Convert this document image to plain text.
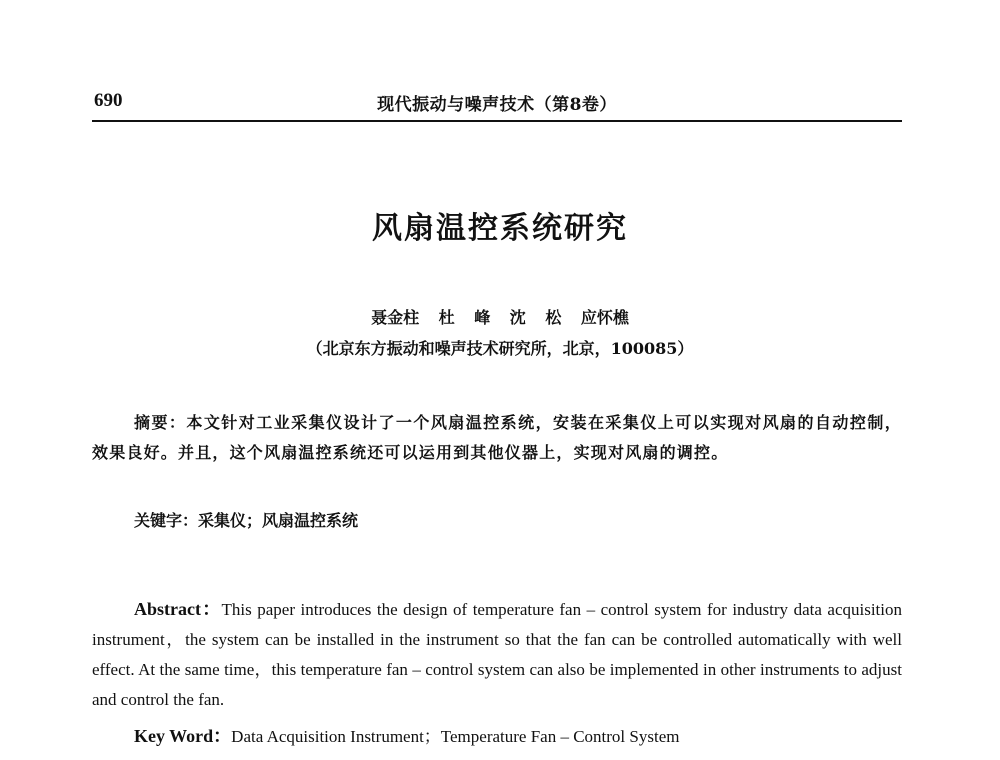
690	现代振动与噪声技术（第8卷）
风扇温控系统研究
聂金柱 杜 峰 沈 松 应怀樵
（北京东方振动和噪声技术研究所，北京，100085）

摘要：本文针对工业采集仪设计了一个风扇温控系统，安装在采集仪上可以实现对风扇的自动控制，效果良好。并且，这个风扇温控系统还可以运用到其他仪器上，实现对风扇的调控。

关键字：采集仪；风扇温控系统

Abstract：This paper introduces the design of temperature fan – control system for industry data acquisition instrument，the system can be installed in the instrument so that the fan can be controlled automatically with well effect. At the same time，this temperature fan – control system can also be implemented in other instruments to adjust and control the fan.

Key Word：Data Acquisition Instrument；Temperature Fan – Control System
